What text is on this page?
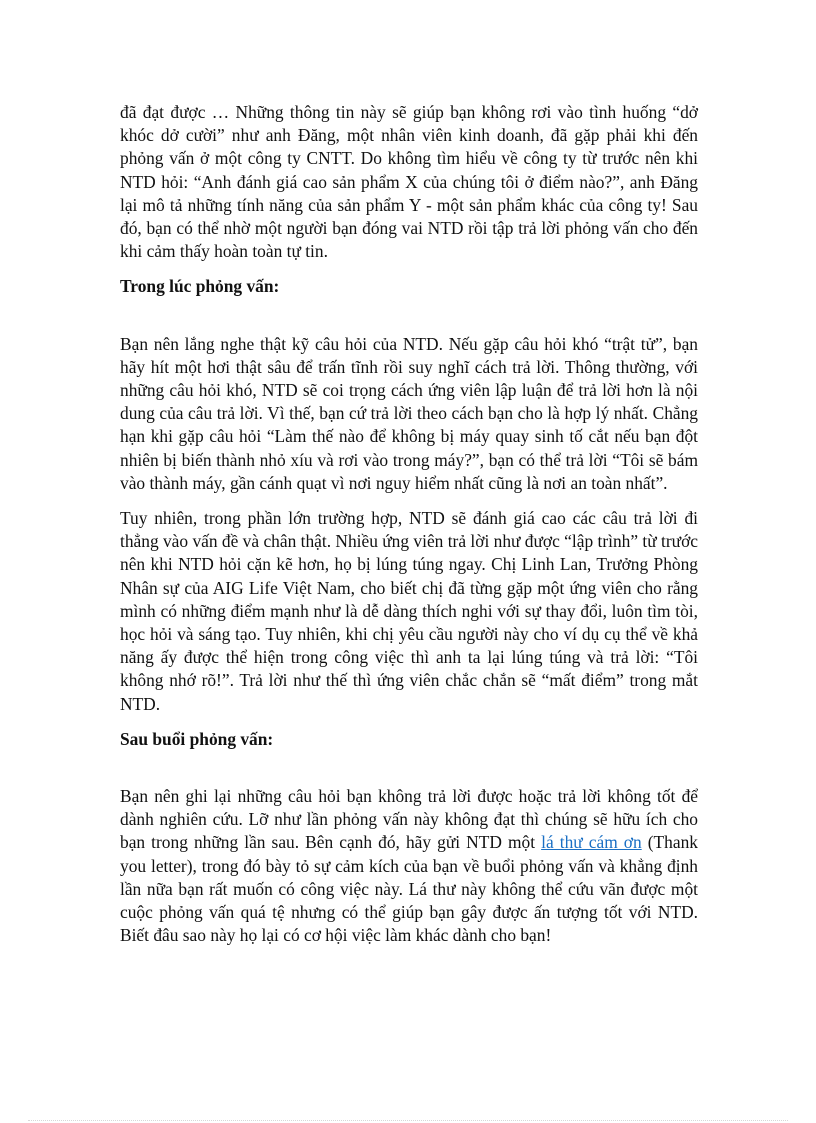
đã đạt được … Những thông tin này sẽ giúp bạn không rơi vào tình huống “dở khóc dở cười” như anh Đăng, một nhân viên kinh doanh, đã gặp phải khi đến phỏng vấn ở một công ty CNTT. Do không tìm hiểu về công ty từ trước nên khi NTD hỏi: “Anh đánh giá cao sản phẩm X của chúng tôi ở điểm nào?”, anh Đăng lại mô tả những tính năng của sản phẩm Y - một sản phẩm khác của công ty! Sau đó, bạn có thể nhờ một người bạn đóng vai NTD rồi tập trả lời phỏng vấn cho đến khi cảm thấy hoàn toàn tự tin.

Trong lúc phỏng vấn:

Bạn nên lắng nghe thật kỹ câu hỏi của NTD. Nếu gặp câu hỏi khó “trật tử”, bạn hãy hít một hơi thật sâu để trấn tĩnh rồi suy nghĩ cách trả lời. Thông thường, với những câu hỏi khó, NTD sẽ coi trọng cách ứng viên lập luận để trả lời hơn là nội dung của câu trả lời. Vì thế, bạn cứ trả lời theo cách bạn cho là hợp lý nhất. Chẳng hạn khi gặp câu hỏi “Làm thế nào để không bị máy quay sinh tố cắt nếu bạn đột nhiên bị biến thành nhỏ xíu và rơi vào trong máy?”, bạn có thể trả lời “Tôi sẽ bám vào thành máy, gần cánh quạt vì nơi nguy hiểm nhất cũng là nơi an toàn nhất”.

Tuy nhiên, trong phần lớn trường hợp, NTD sẽ đánh giá cao các câu trả lời đi thẳng vào vấn đề và chân thật. Nhiều ứng viên trả lời như được “lập trình” từ trước nên khi NTD hỏi cặn kẽ hơn, họ bị lúng túng ngay. Chị Linh Lan, Trưởng Phòng Nhân sự của AIG Life Việt Nam, cho biết chị đã từng gặp một ứng viên cho rằng mình có những điểm mạnh như là dễ dàng thích nghi với sự thay đổi, luôn tìm tòi, học hỏi và sáng tạo. Tuy nhiên, khi chị yêu cầu người này cho ví dụ cụ thể về khả năng ấy được thể hiện trong công việc thì anh ta lại lúng túng và trả lời: “Tôi không nhớ rõ!”. Trả lời như thế thì ứng viên chắc chắn sẽ “mất điểm” trong mắt NTD.

Sau buổi phỏng vấn:

Bạn nên ghi lại những câu hỏi bạn không trả lời được hoặc trả lời không tốt để dành nghiên cứu. Lỡ như lần phỏng vấn này không đạt thì chúng sẽ hữu ích cho bạn trong những lần sau. Bên cạnh đó, hãy gửi NTD một lá thư cám ơn (Thank you letter), trong đó bày tỏ sự cảm kích của bạn về buổi phỏng vấn và khẳng định lần nữa bạn rất muốn có công việc này. Lá thư này không thể cứu vãn được một cuộc phỏng vấn quá tệ nhưng có thể giúp bạn gây được ấn tượng tốt với NTD. Biết đâu sao này họ lại có cơ hội việc làm khác dành cho bạn!
